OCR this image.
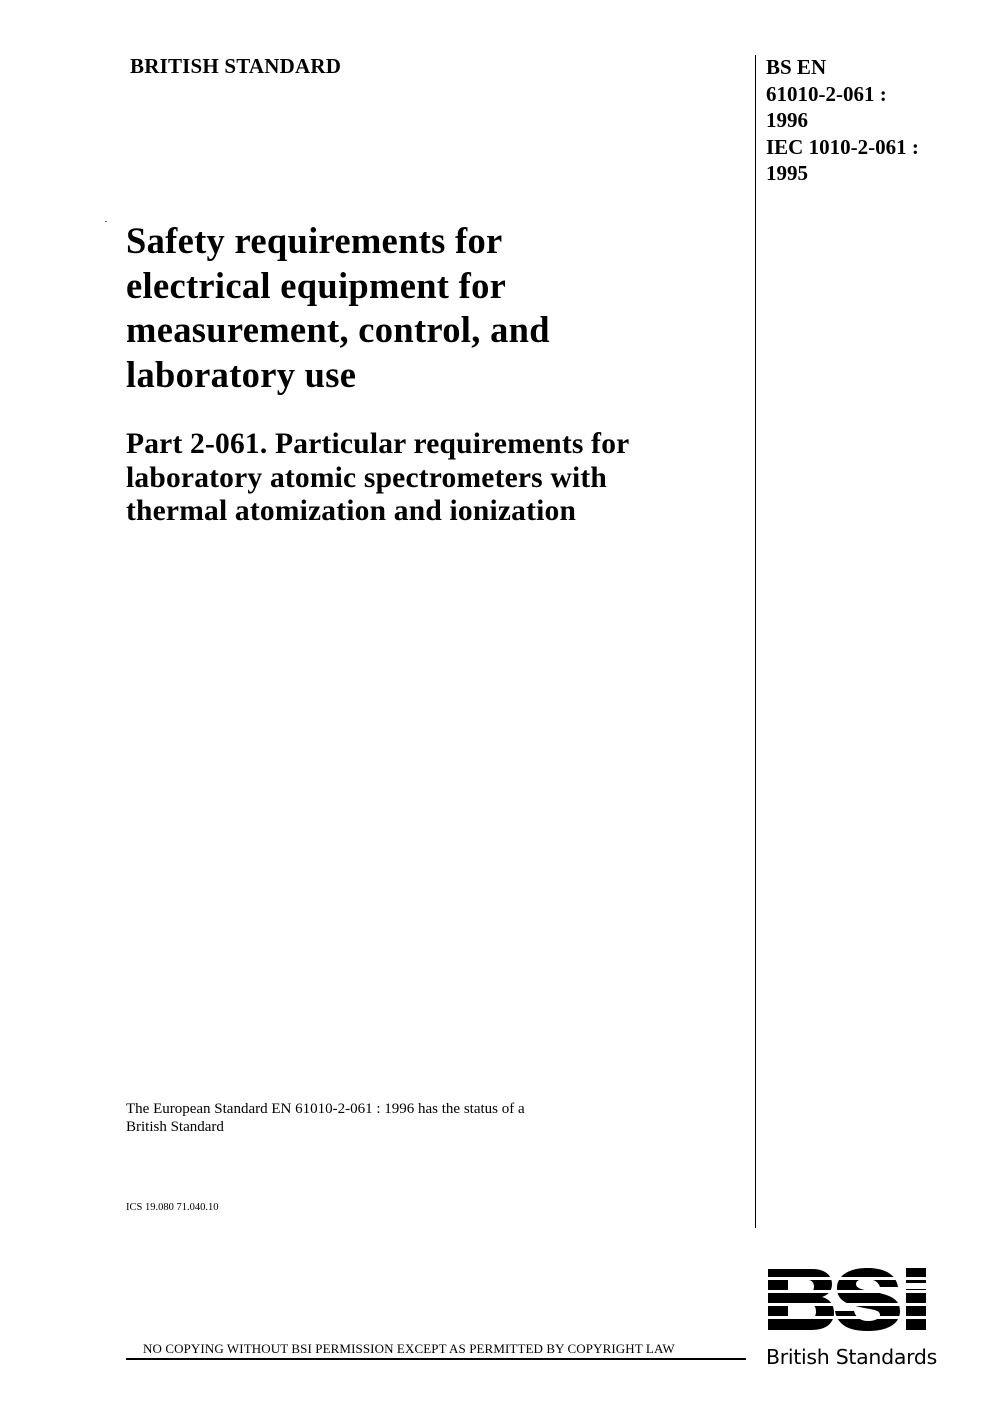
BRITISH STANDARD	BS EN
61010-2-061 :
1996
IEC 1010-2-061 :
1995
Safety requirements for
electrical equipment for
measurement, control, and
laboratory use
Part 2-061. Particular requirements for
laboratory atomic spectrometers with
thermal atomization and ionization
The European Standard EN 61010-2-061 : 1996 has the status of a
British Standard
ICS 19.080 71.040.10
NO COPYING WITHOUT BSI PERMISSION EXCEPT AS PERMITTED BY COPYRIGHT LAW	British Standards
